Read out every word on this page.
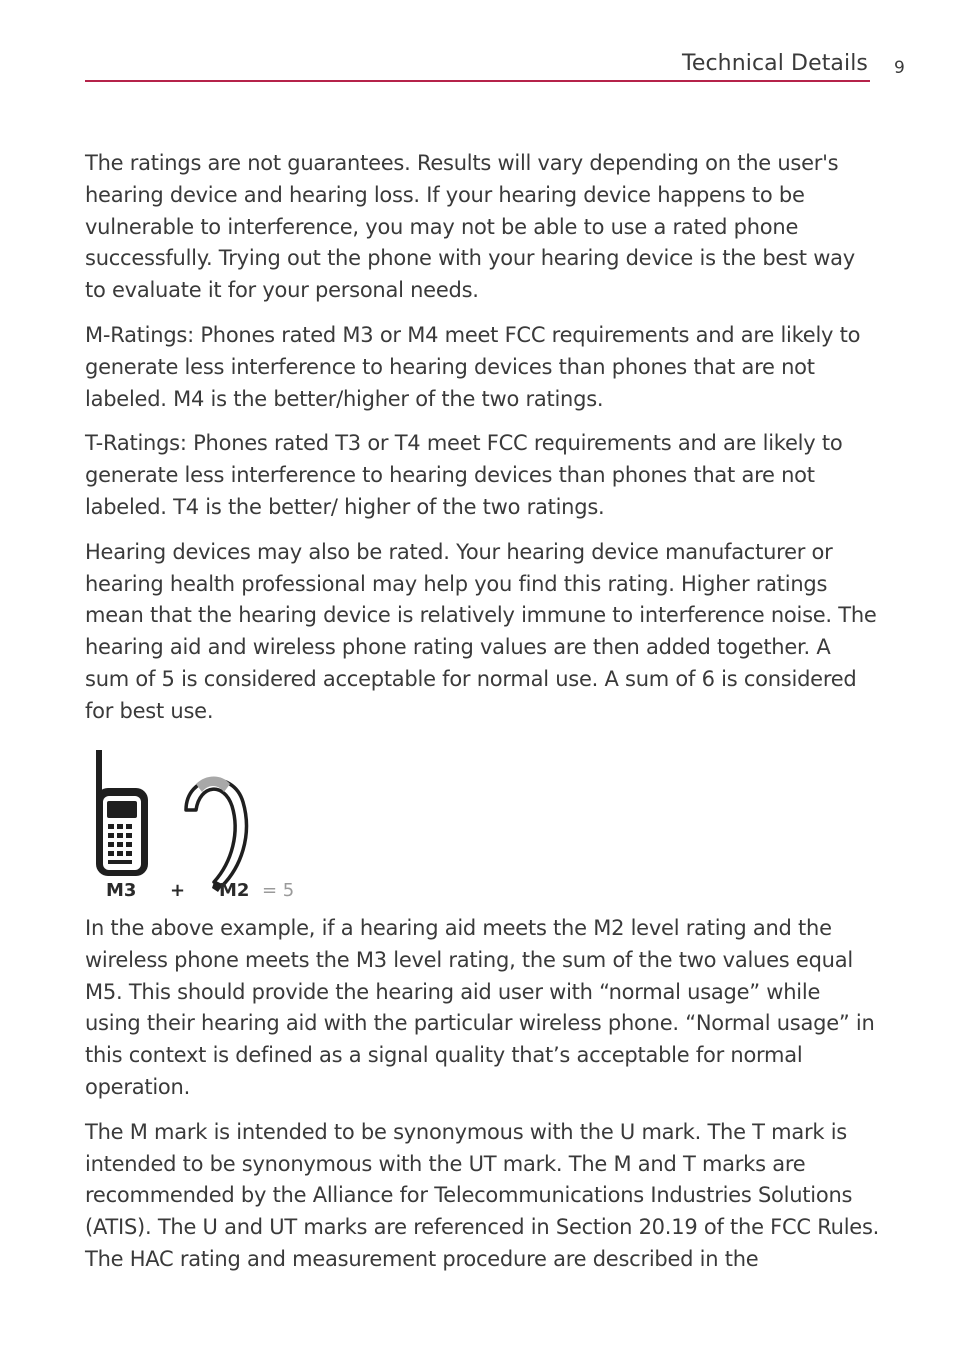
Technical Details 9

The ratings are not guarantees. Results will vary depending on the user's hearing device and hearing loss. If your hearing device happens to be vulnerable to interference, you may not be able to use a rated phone successfully. Trying out the phone with your hearing device is the best way to evaluate it for your personal needs.

M-Ratings: Phones rated M3 or M4 meet FCC requirements and are likely to generate less interference to hearing devices than phones that are not labeled. M4 is the better/higher of the two ratings.

T-Ratings: Phones rated T3 or T4 meet FCC requirements and are likely to generate less interference to hearing devices than phones that are not labeled. T4 is the better/ higher of the two ratings.

Hearing devices may also be rated. Your hearing device manufacturer or hearing health professional may help you find this rating. Higher ratings mean that the hearing device is relatively immune to interference noise. The hearing aid and wireless phone rating values are then added together. A sum of 5 is considered acceptable for normal use. A sum of 6 is considered for best use.

M3 + M2 = 5

In the above example, if a hearing aid meets the M2 level rating and the wireless phone meets the M3 level rating, the sum of the two values equal M5. This should provide the hearing aid user with “normal usage” while using their hearing aid with the particular wireless phone. “Normal usage” in this context is defined as a signal quality that’s acceptable for normal operation.

The M mark is intended to be synonymous with the U mark. The T mark is intended to be synonymous with the UT mark. The M and T marks are recommended by the Alliance for Telecommunications Industries Solutions (ATIS). The U and UT marks are referenced in Section 20.19 of the FCC Rules. The HAC rating and measurement procedure are described in the
